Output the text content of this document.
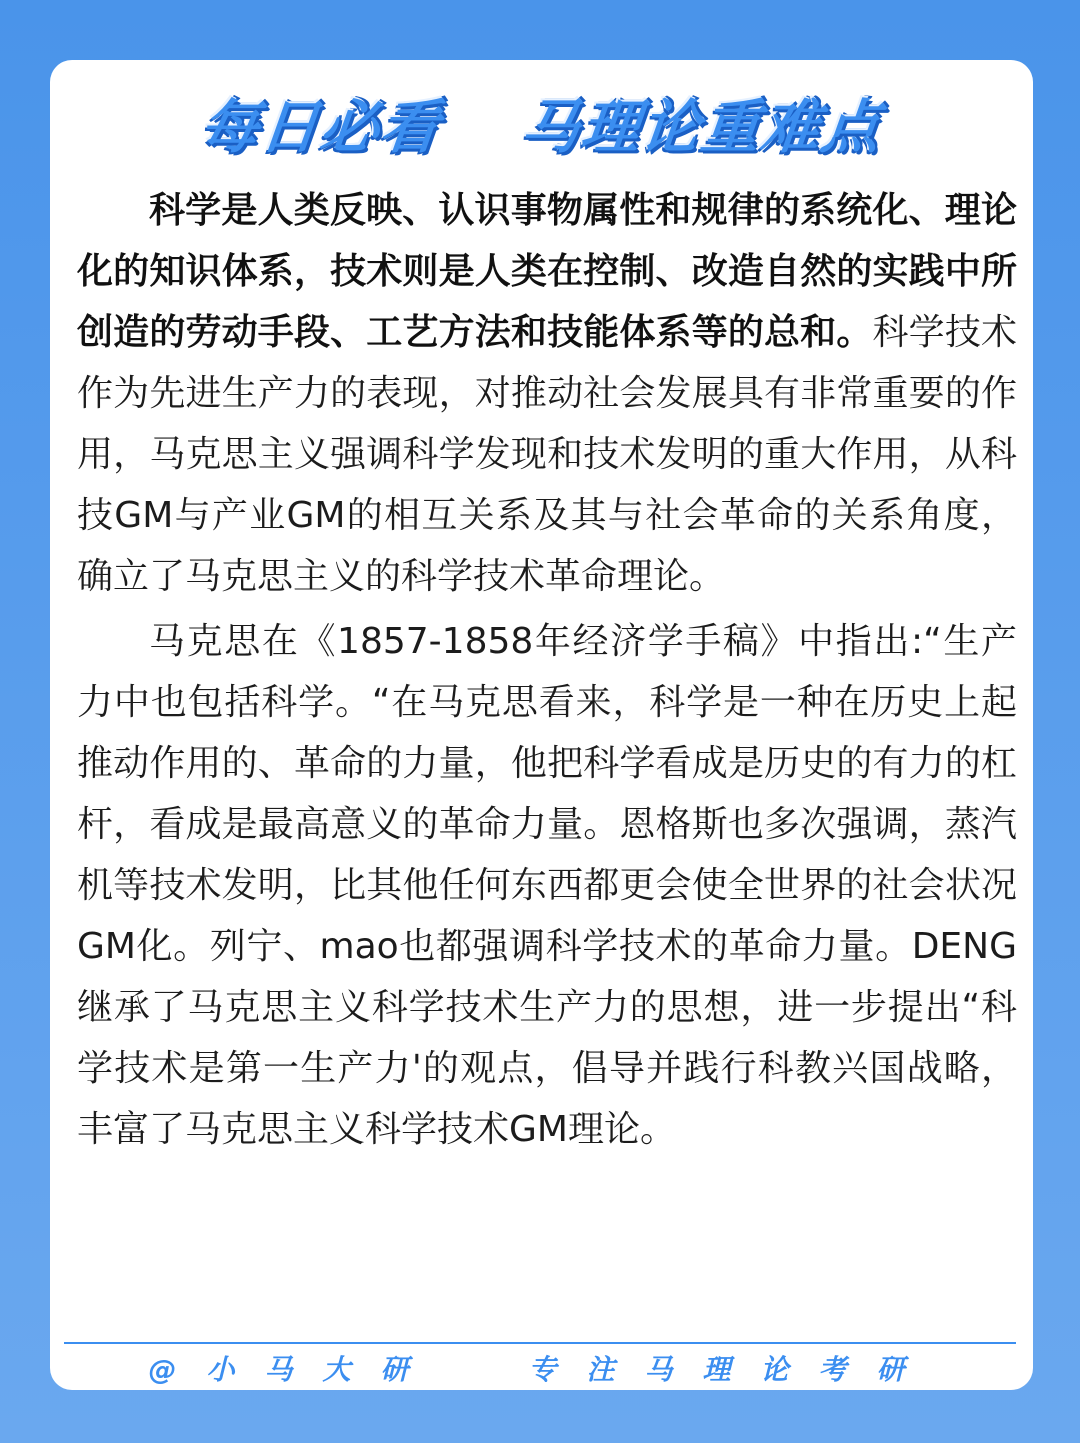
每日必看 马理论重难点

科学是人类反映、认识事物属性和规律的系统化、理论化的知识体系，技术则是人类在控制、改造自然的实践中所创造的劳动手段、工艺方法和技能体系等的总和。科学技术作为先进生产力的表现，对推动社会发展具有非常重要的作用，马克思主义强调科学发现和技术发明的重大作用，从科技GM与产业GM的相互关系及其与社会革命的关系角度，确立了马克思主义的科学技术革命理论。

马克思在《1857-1858年经济学手稿》中指出:“生产力中也包括科学。“在马克思看来，科学是一种在历史上起推动作用的、革命的力量，他把科学看成是历史的有力的杠杆，看成是最高意义的革命力量。恩格斯也多次强调，蒸汽机等技术发明，比其他任何东西都更会使全世界的社会状况GM化。列宁、mao也都强调科学技术的革命力量。DENG 继承了马克思主义科学技术生产力的思想，进一步提出“科学技术是第一生产力'的观点，倡导并践行科教兴国战略，丰富了马克思主义科学技术GM理论。

@小马大研	专注马理论考研
